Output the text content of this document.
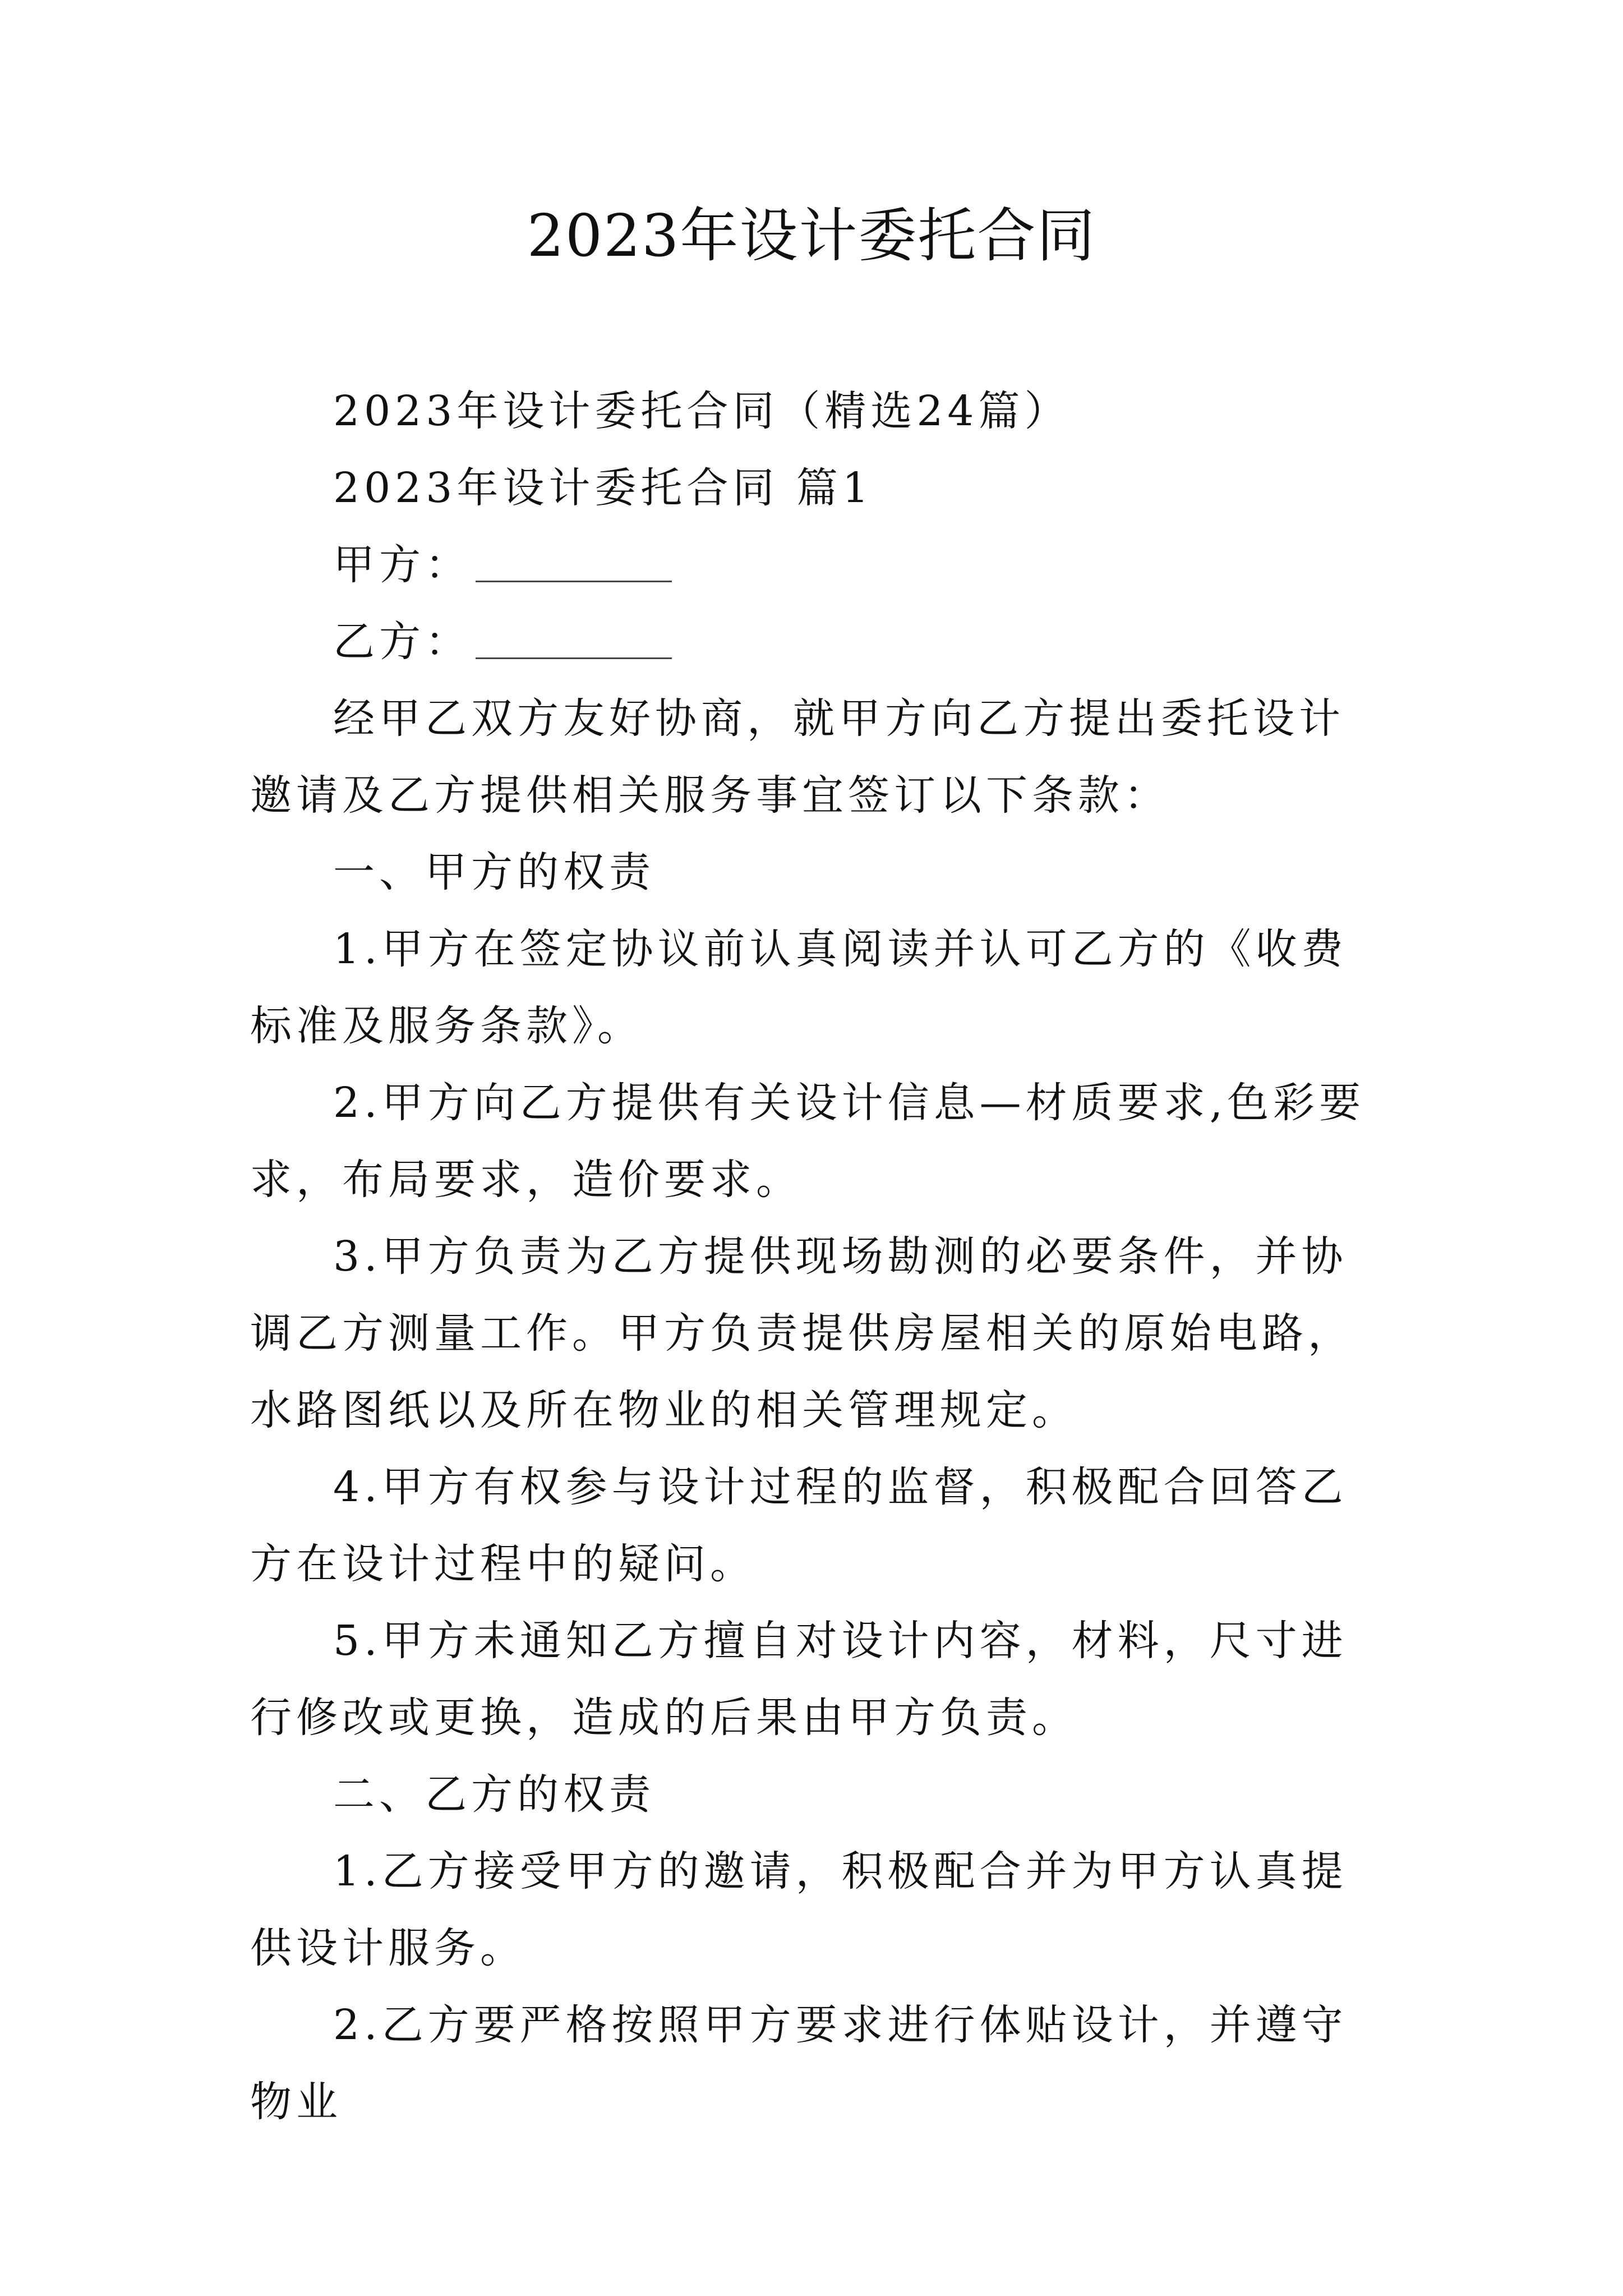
2023年设计委托合同

2023年设计委托合同（精选24篇）

2023年设计委托合同 篇1

甲方：

乙方：

经甲乙双方友好协商，就甲方向乙方提出委托设计邀请及乙方提供相关服务事宜签订以下条款：

一、甲方的权责

1.甲方在签定协议前认真阅读并认可乙方的《收费标准及服务条款》。

2.甲方向乙方提供有关设计信息—材质要求,色彩要求，布局要求，造价要求。

3.甲方负责为乙方提供现场勘测的必要条件，并协调乙方测量工作。甲方负责提供房屋相关的原始电路，水路图纸以及所在物业的相关管理规定。

4.甲方有权参与设计过程的监督，积极配合回答乙方在设计过程中的疑问。

5.甲方未通知乙方擅自对设计内容，材料，尺寸进行修改或更换，造成的后果由甲方负责。

二、乙方的权责

1.乙方接受甲方的邀请，积极配合并为甲方认真提供设计服务。

2.乙方要严格按照甲方要求进行体贴设计，并遵守物业
